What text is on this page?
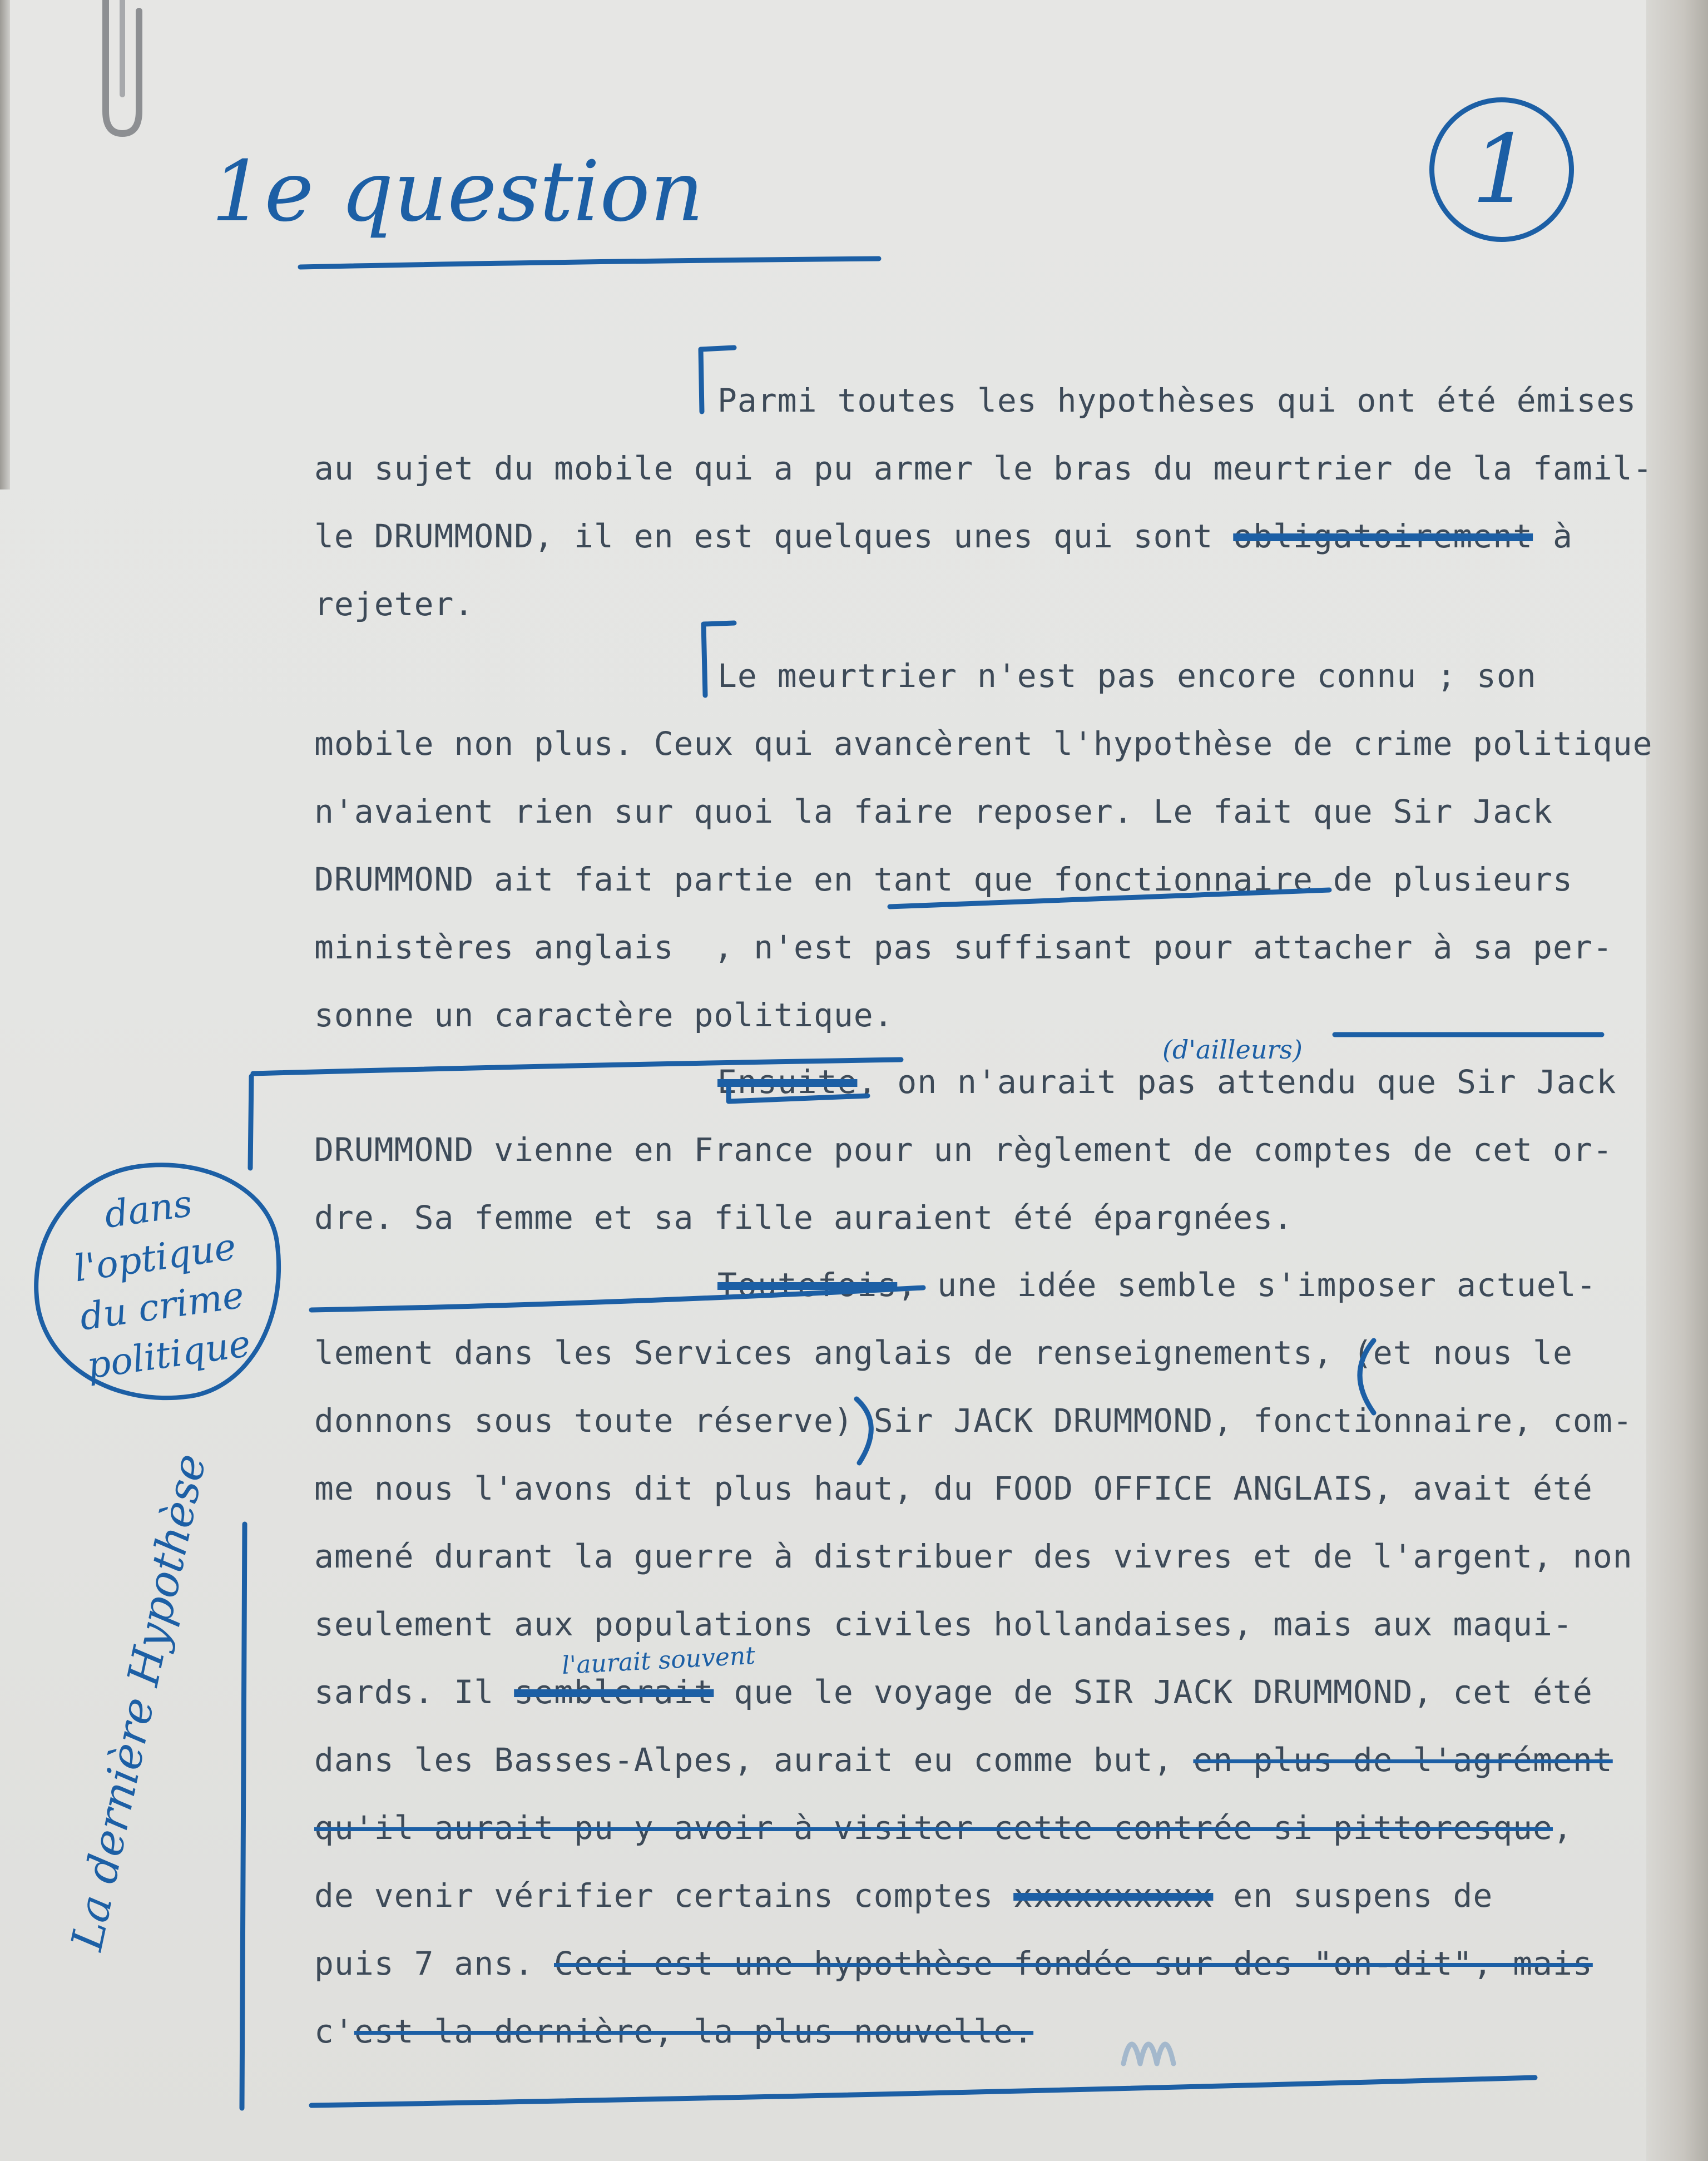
1e question	1

Parmi toutes les hypothèses qui ont été émises

au sujet du mobile qui a pu armer le bras du meurtrier de la famil-

le DRUMMOND, il en est quelques unes qui sont obligatoirement à

rejeter.

Le meurtrier n'est pas encore connu ; son

mobile non plus. Ceux qui avancèrent l'hypothèse de crime politique

n'avaient rien sur quoi la faire reposer. Le fait que Sir Jack

DRUMMOND ait fait partie en tant que fonctionnaire de plusieurs

ministères anglais  , n'est pas suffisant pour attacher à sa per-

sonne un caractère politique.

Ensuite, on n'aurait pas attendu que Sir Jack

DRUMMOND vienne en France pour un règlement de comptes de cet or-

dre. Sa femme et sa fille auraient été épargnées.

Toutefois, une idée semble s'imposer actuel-

lement dans les Services anglais de renseignements, (et nous le

donnons sous toute réserve) Sir JACK DRUMMOND, fonctionnaire, com-

me nous l'avons dit plus haut, du FOOD OFFICE ANGLAIS, avait été

amené durant la guerre à distribuer des vivres et de l'argent, non

seulement aux populations civiles hollandaises, mais aux maqui-

sards. Il semblerait que le voyage de SIR JACK DRUMMOND, cet été

dans les Basses-Alpes, aurait eu comme but, en plus de l'agrément

qu'il aurait pu y avoir à visiter cette contrée si pittoresque,

de venir vérifier certains comptes xxxxxxxxxx en suspens de

puis 7 ans. Ceci est une hypothèse fondée sur des "on-dit", mais

c'est la dernière, la plus nouvelle.

(d'ailleurs)
l'aurait souvent
dans l'optique du crime politique
La dernière Hypothèse
